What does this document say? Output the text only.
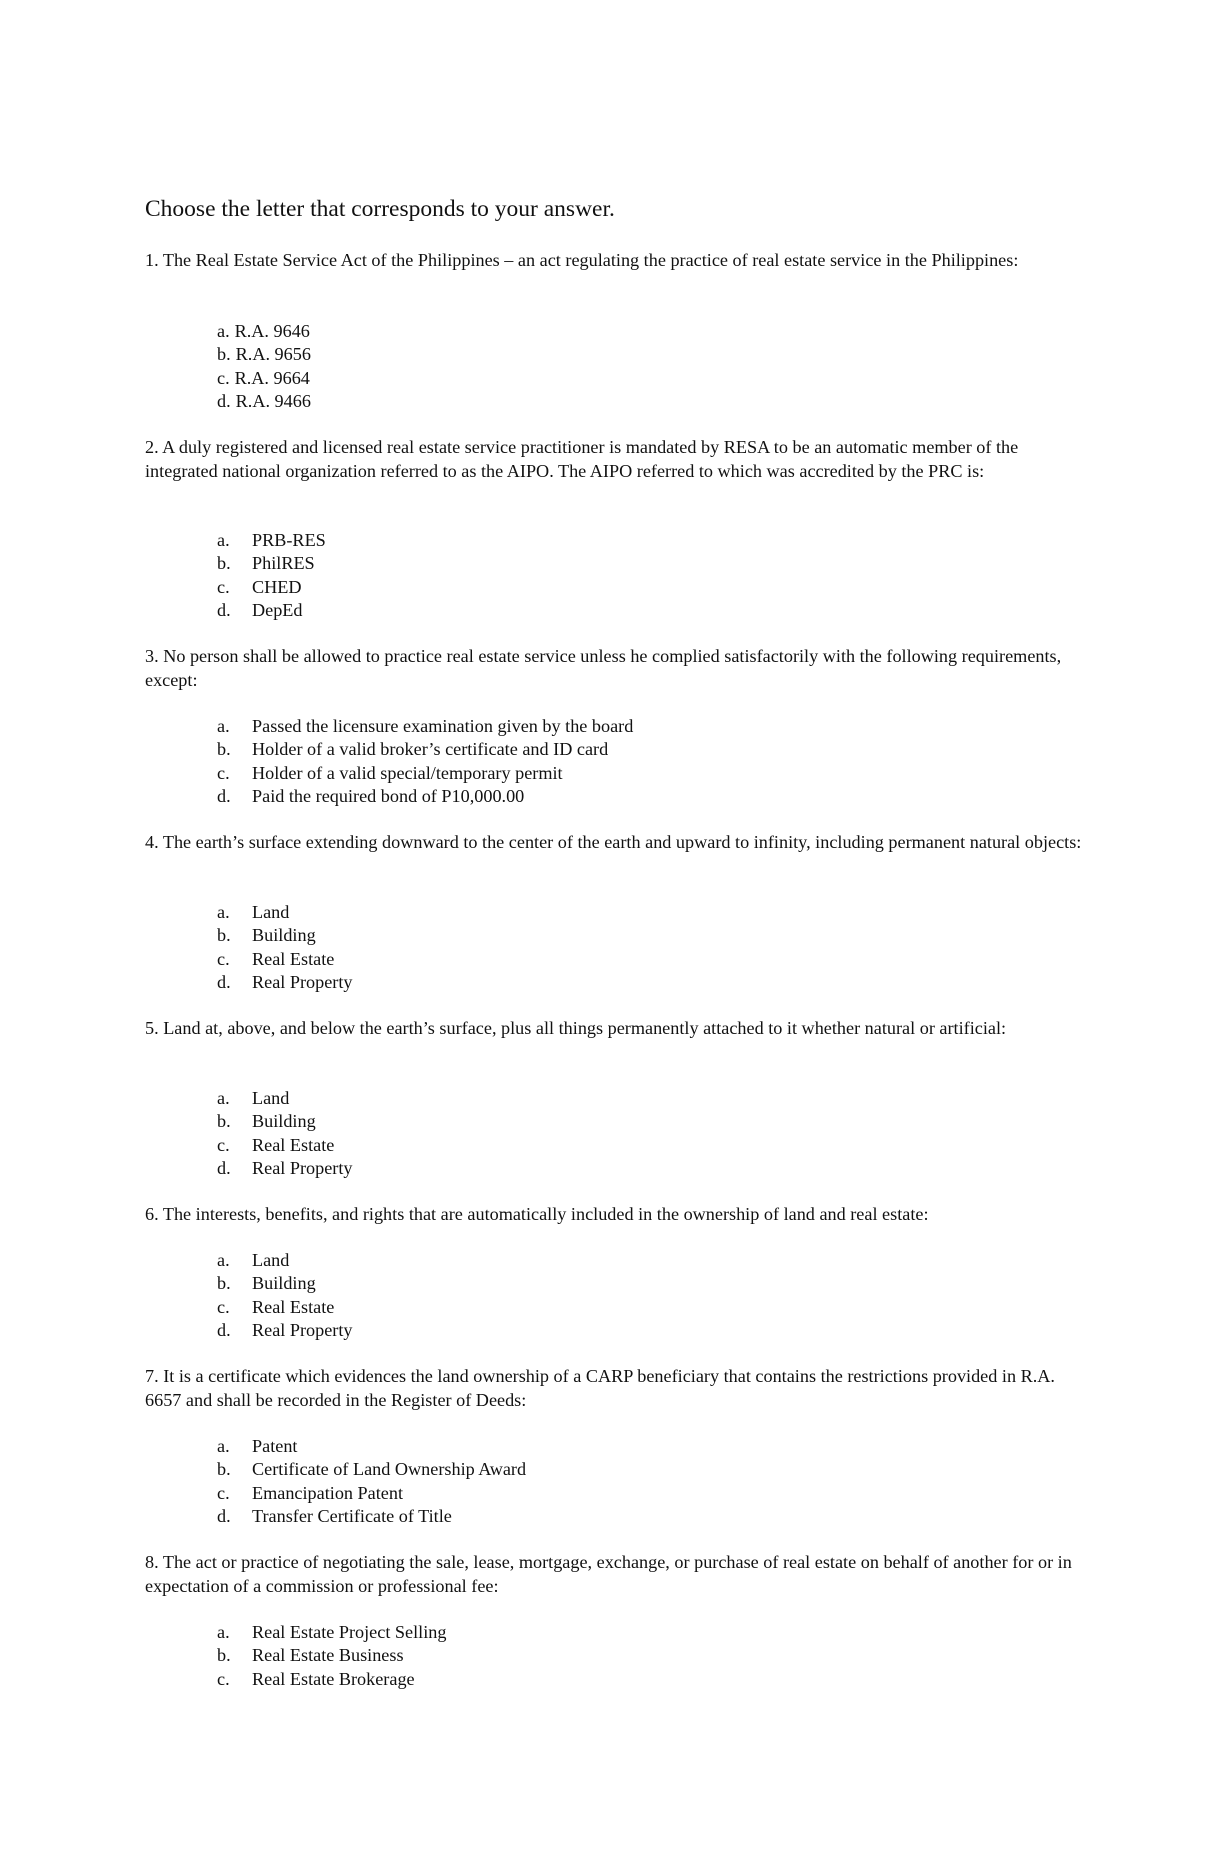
Choose the letter that corresponds to your answer.
1. The Real Estate Service Act of the Philippines – an act regulating the practice of real estate service in the Philippines:
a. R.A. 9646
b. R.A. 9656
c. R.A. 9664
d. R.A. 9466
2. A duly registered and licensed real estate service practitioner is mandated by RESA to be an automatic member of the integrated national organization referred to as the AIPO. The AIPO referred to which was accredited by the PRC is:
a. PRB-RES
b. PhilRES
c. CHED
d. DepEd
3. No person shall be allowed to practice real estate service unless he complied satisfactorily with the following requirements, except:
a. Passed the licensure examination given by the board
b. Holder of a valid broker’s certificate and ID card
c. Holder of a valid special/temporary permit
d. Paid the required bond of P10,000.00
4. The earth’s surface extending downward to the center of the earth and upward to infinity, including permanent natural objects:
a. Land
b. Building
c. Real Estate
d. Real Property
5. Land at, above, and below the earth’s surface, plus all things permanently attached to it whether natural or artificial:
a. Land
b. Building
c. Real Estate
d. Real Property
6. The interests, benefits, and rights that are automatically included in the ownership of land and real estate:
a. Land
b. Building
c. Real Estate
d. Real Property
7. It is a certificate which evidences the land ownership of a CARP beneficiary that contains the restrictions provided in R.A. 6657 and shall be recorded in the Register of Deeds:
a. Patent
b. Certificate of Land Ownership Award
c. Emancipation Patent
d. Transfer Certificate of Title
8. The act or practice of negotiating the sale, lease, mortgage, exchange, or purchase of real estate on behalf of another for or in expectation of a commission or professional fee:
a. Real Estate Project Selling
b. Real Estate Business
c. Real Estate Brokerage
